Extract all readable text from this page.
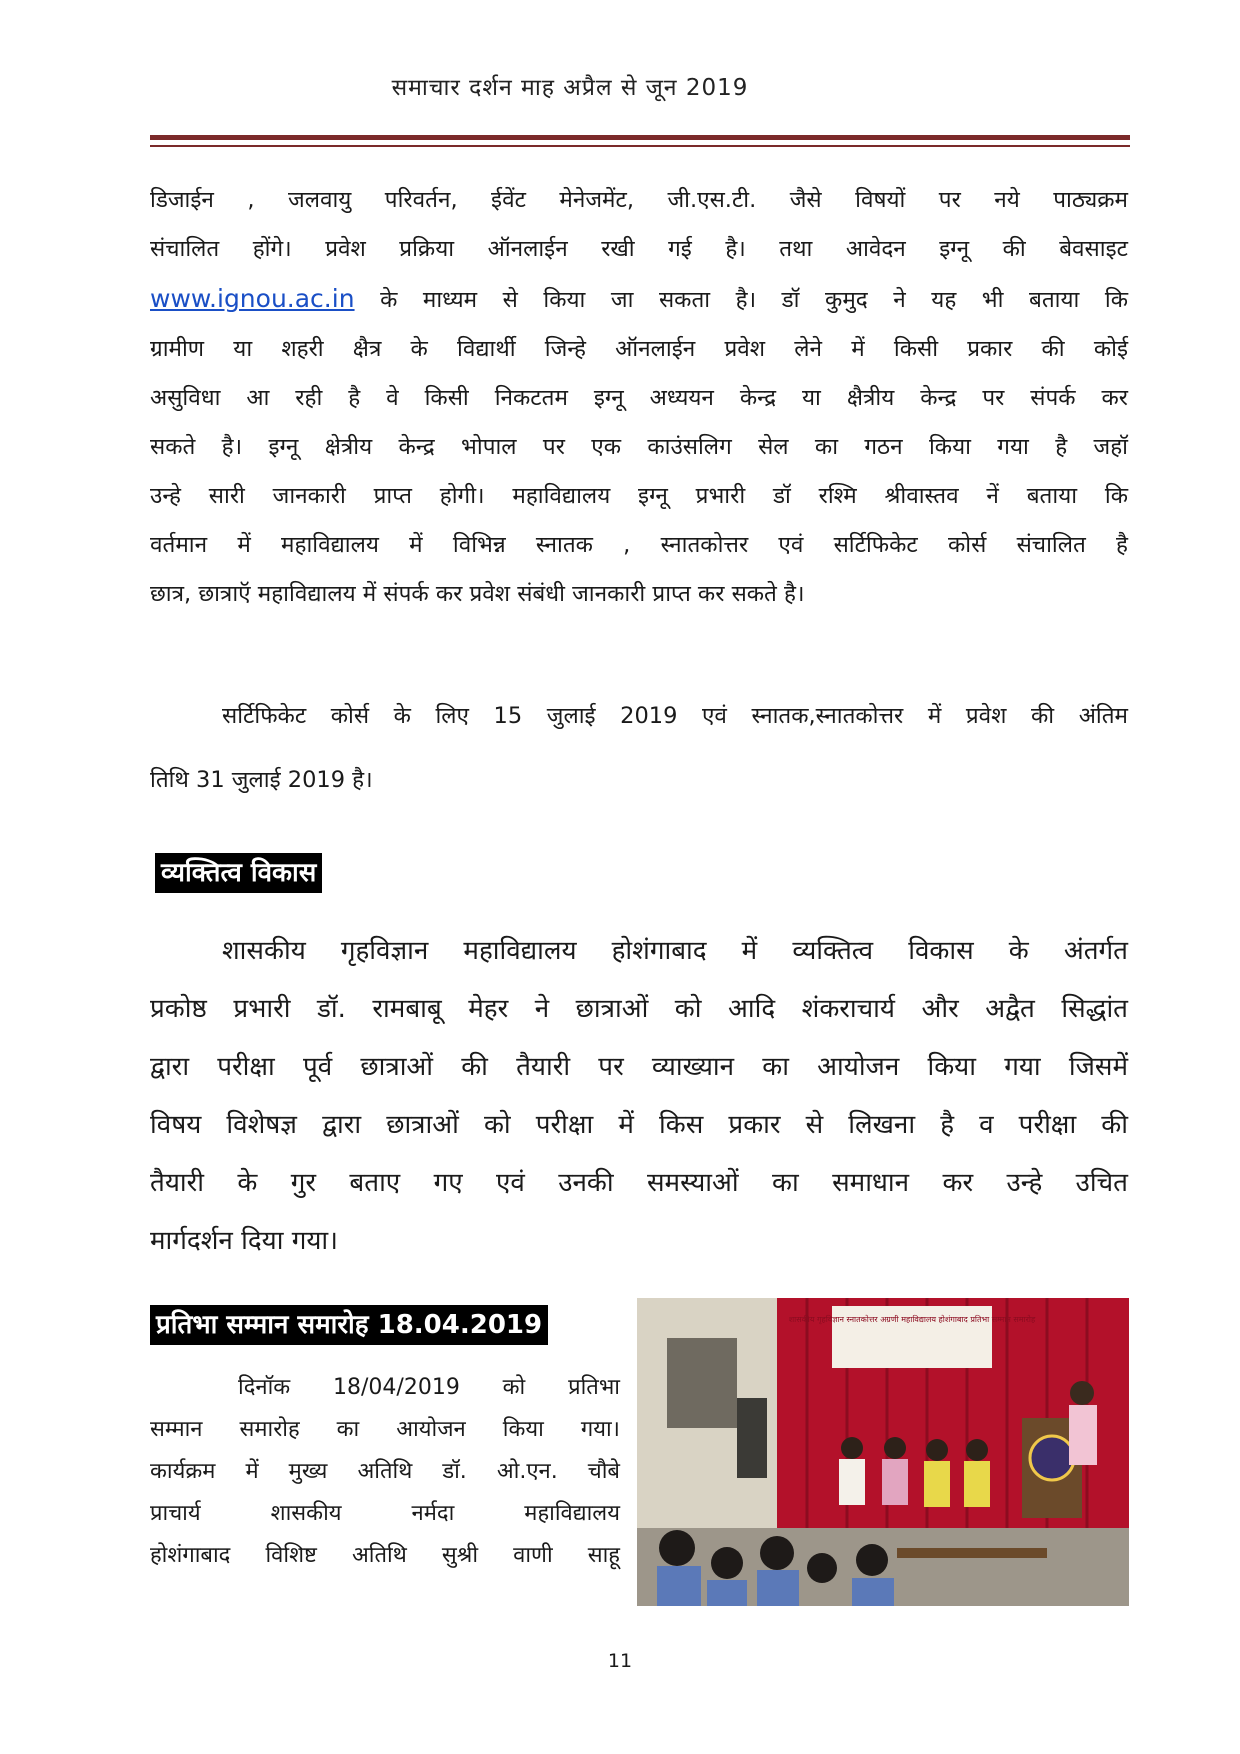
समाचार दर्शन माह अप्रैल से जून 2019
डिजाईन , जलवायु परिवर्तन, ईवेंट मेनेजमेंट, जी.एस.टी. जैसे विषयों पर नये पाठ्यक्रम
संचालित होंगे। प्रवेश प्रक्रिया ऑनलाईन रखी गई है। तथा आवेदन इग्नू की बेवसाइट
www.ignou.ac.in के माध्यम से किया जा सकता है। डॉ कुमुद ने यह भी बताया कि
ग्रामीण या शहरी क्षैत्र के विद्यार्थी जिन्हे ऑनलाईन प्रवेश लेने में किसी प्रकार की कोई
असुविधा आ रही है वे किसी निकटतम इग्नू अध्ययन केन्द्र या क्षैत्रीय केन्द्र पर संपर्क कर
सकते है। इग्नू क्षेत्रीय केन्द्र भोपाल पर एक काउंसलिग सेल का गठन किया गया है जहॉ
उन्हे सारी जानकारी प्राप्त होगी। महाविद्यालय इग्नू प्रभारी डॉ रश्मि श्रीवास्तव नें बताया कि
वर्तमान में महाविद्यालय में विभिन्न स्नातक , स्नातकोत्तर एवं सर्टिफिकेट कोर्स संचालित है
छात्र, छात्राऍ महाविद्यालय में संपर्क कर प्रवेश संबंधी जानकारी प्राप्त कर सकते है।
सर्टिफिकेट कोर्स के लिए 15 जुलाई 2019 एवं स्नातक,स्नातकोत्तर में प्रवेश की अंतिम
तिथि 31 जुलाई 2019 है।
व्यक्तित्व विकास
शासकीय गृहविज्ञान महाविद्यालय होशंगाबाद में व्यक्तित्व विकास के अंतर्गत
प्रकोष्ठ प्रभारी डॉ. रामबाबू मेहर ने छात्राओं को आदि शंकराचार्य और अद्वैत सिद्धांत
द्वारा परीक्षा पूर्व छात्राओं की तैयारी पर व्याख्यान का आयोजन किया गया जिसमें
विषय विशेषज्ञ द्वारा छात्राओं को परीक्षा में किस प्रकार से लिखना है व परीक्षा की
तैयारी के गुर बताए गए एवं उनकी समस्याओं का समाधान कर उन्हे उचित
मार्गदर्शन दिया गया।
प्रतिभा सम्मान समारोह 18.04.2019
दिनॉक 18/04/2019 को प्रतिभा
सम्मान समारोह का आयोजन किया गया।
कार्यक्रम में मुख्य अतिथि डॉ. ओ.एन. चौबे
प्राचार्य शासकीय नर्मदा महाविद्यालय
होशंगाबाद विशिष्ट अतिथि सुश्री वाणी साहू
शासकीय गृहविज्ञान स्नातकोत्तर अग्रणी महाविद्यालय होशंगाबाद प्रतिभा सम्मान समारोह
11
